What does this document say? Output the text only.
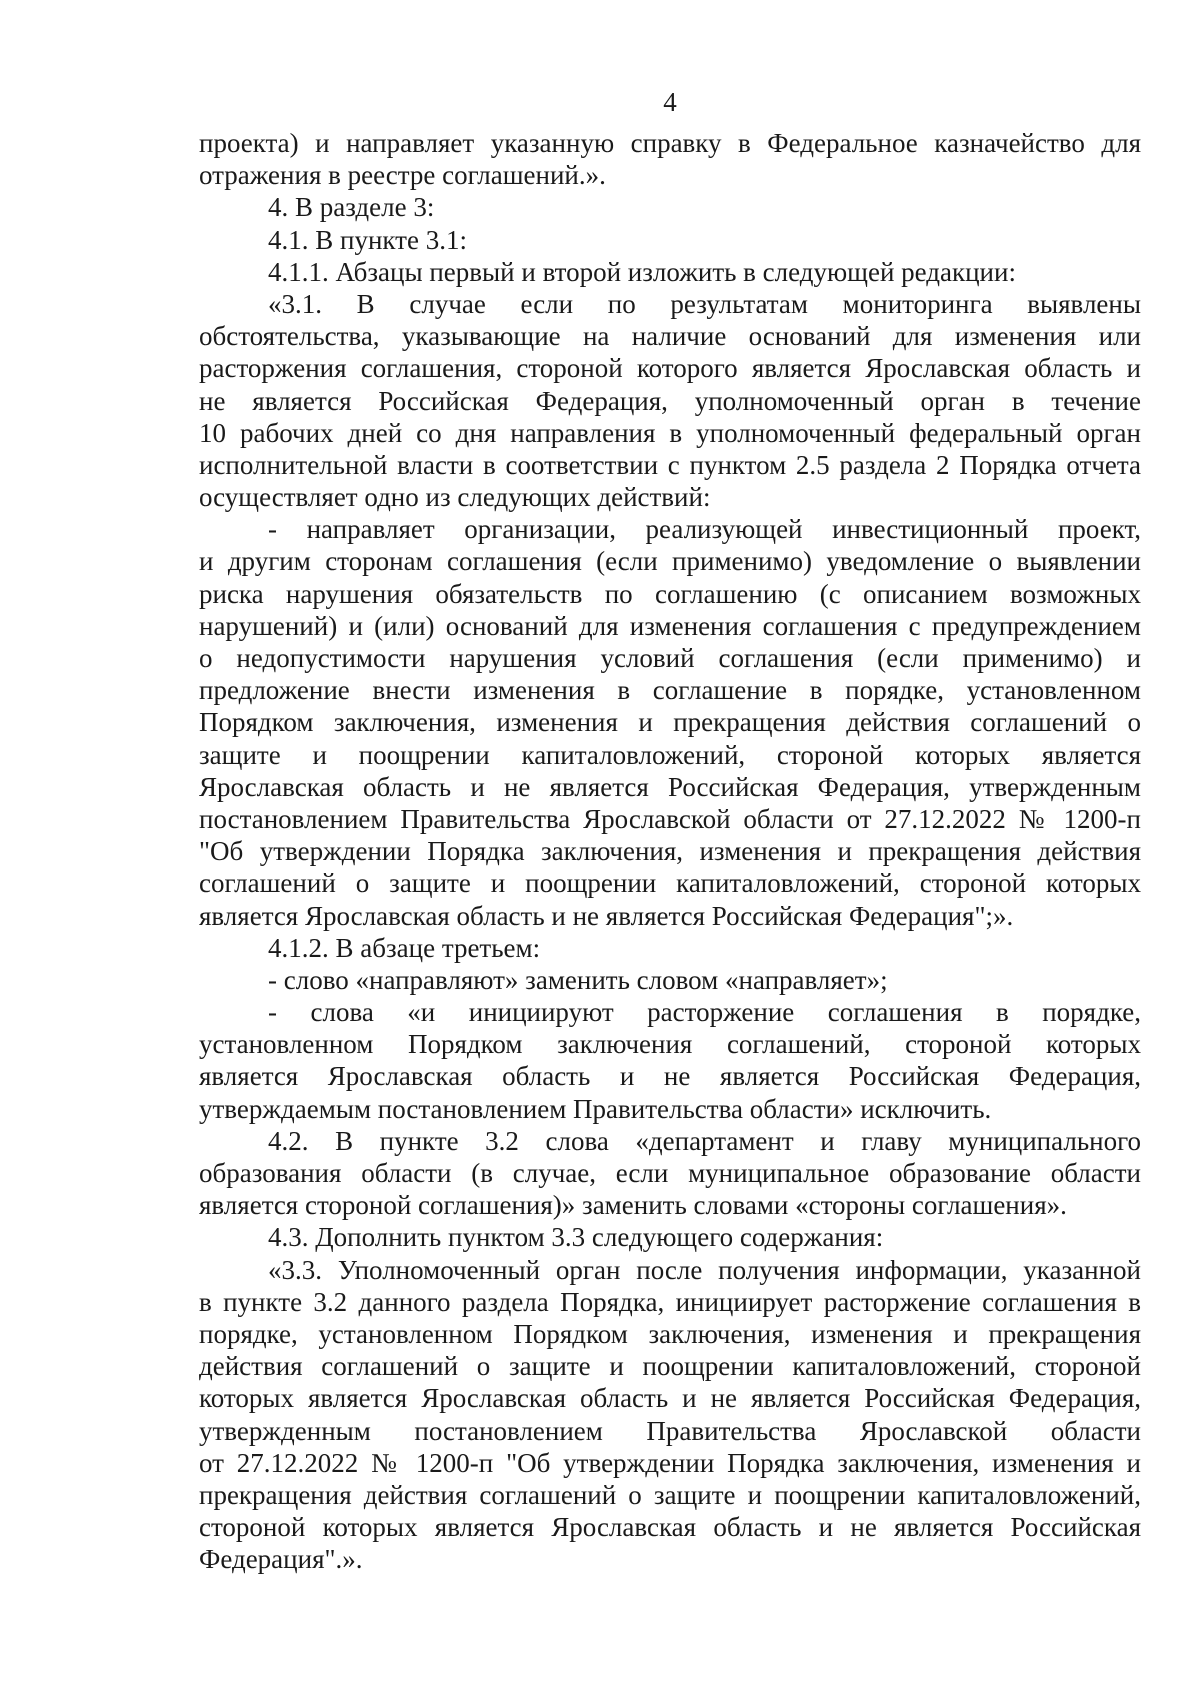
4
проекта) и направляет указанную справку в Федеральное казначейство для
отражения в реестре соглашений.».
4. В разделе 3:
4.1. В пункте 3.1:
4.1.1. Абзацы первый и второй изложить в следующей редакции:
«3.1. В случае если по результатам мониторинга выявлены
обстоятельства, указывающие на наличие оснований для изменения или
расторжения соглашения, стороной которого является Ярославская область и
не является Российская Федерация, уполномоченный орган в течение
10 рабочих дней со дня направления в уполномоченный федеральный орган
исполнительной власти в соответствии с пунктом 2.5 раздела 2 Порядка отчета
осуществляет одно из следующих действий:
- направляет организации, реализующей инвестиционный проект,
и другим сторонам соглашения (если применимо) уведомление о выявлении
риска нарушения обязательств по соглашению (с описанием возможных
нарушений) и (или) оснований для изменения соглашения с предупреждением
о недопустимости нарушения условий соглашения (если применимо) и
предложение внести изменения в соглашение в порядке, установленном
Порядком заключения, изменения и прекращения действия соглашений о
защите и поощрении капиталовложений, стороной которых является
Ярославская область и не является Российская Федерация, утвержденным
постановлением Правительства Ярославской области от 27.12.2022 № 1200-п
"Об утверждении Порядка заключения, изменения и прекращения действия
соглашений о защите и поощрении капиталовложений, стороной которых
является Ярославская область и не является Российская Федерация";».
4.1.2. В абзаце третьем:
- слово «направляют» заменить словом «направляет»;
- слова «и инициируют расторжение соглашения в порядке,
установленном Порядком заключения соглашений, стороной которых
является Ярославская область и не является Российская Федерация,
утверждаемым постановлением Правительства области» исключить.
4.2. В пункте 3.2 слова «департамент и главу муниципального
образования области (в случае, если муниципальное образование области
является стороной соглашения)» заменить словами «стороны соглашения».
4.3. Дополнить пунктом 3.3 следующего содержания:
«3.3. Уполномоченный орган после получения информации, указанной
в пункте 3.2 данного раздела Порядка, инициирует расторжение соглашения в
порядке, установленном Порядком заключения, изменения и прекращения
действия соглашений о защите и поощрении капиталовложений, стороной
которых является Ярославская область и не является Российская Федерация,
утвержденным постановлением Правительства Ярославской области
от 27.12.2022 № 1200-п "Об утверждении Порядка заключения, изменения и
прекращения действия соглашений о защите и поощрении капиталовложений,
стороной которых является Ярославская область и не является Российская
Федерация".».
